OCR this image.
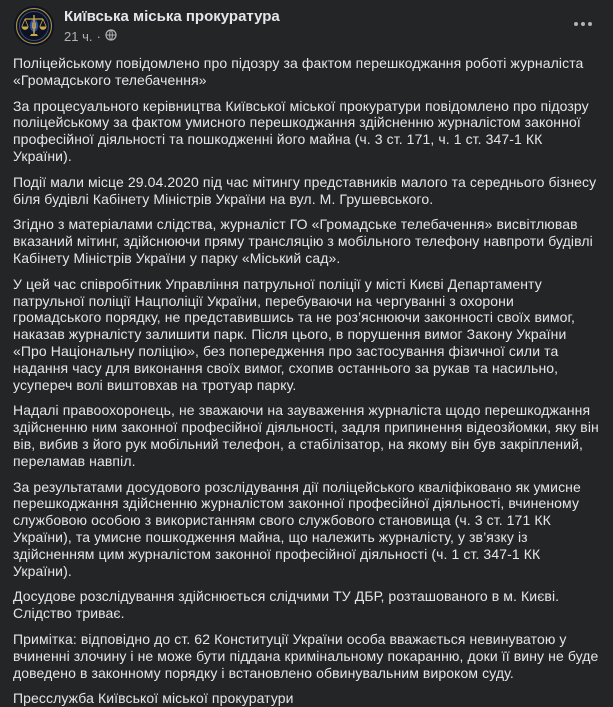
Київська міська прокуратура
21 ч. ·

Поліцейському повідомлено про підозру за фактом перешкоджання роботі журналіста «Громадського телебачення»

За процесуального керівництва Київської міської прокуратури повідомлено про підозру поліцейському за фактом умисного перешкоджання здійсненню журналістом законної професійної діяльності та пошкодженні його майна (ч. 3 ст. 171, ч. 1 ст. 347-1 КК України).

Події мали місце 29.04.2020 під час мітингу представників малого та середнього бізнесу біля будівлі Кабінету Міністрів України на вул. М. Грушевського.

Згідно з матеріалами слідства, журналіст ГО «Громадське телебачення» висвітлював вказаний мітинг, здійснюючи пряму трансляцію з мобільного телефону навпроти будівлі Кабінету Міністрів України у парку «Міський сад».

У цей час співробітник Управління патрульної поліції у місті Києві Департаменту патрульної поліції Нацполіції України, перебуваючи на чергуванні з охорони громадського порядку, не представившись та не роз’яснюючи законності своїх вимог, наказав журналісту залишити парк. Після цього, в порушення вимог Закону України «Про Національну поліцію», без попередження про застосування фізичної сили та надання часу для виконання своїх вимог, схопив останнього за рукав та насильно, усупереч волі виштовхав на тротуар парку.

Надалі правоохоронець, не зважаючи на зауваження журналіста щодо перешкоджання здійсненню ним законної професійної діяльності, задля припинення відеозйомки, яку він вів, вибив з його рук мобільний телефон, а стабілізатор, на якому він був закріплений, переламав навпіл.

За результатами досудового розслідування дії поліцейського кваліфіковано як умисне перешкоджання здійсненню журналістом законної професійної діяльності, вчиненому службовою особою з використанням свого службового становища (ч. 3 ст. 171 КК України), та умисне пошкодження майна, що належить журналісту, у зв’язку із здійсненням цим журналістом законної професійної діяльності (ч. 1 ст. 347-1 КК України).

Досудове розслідування здійснюється слідчими ТУ ДБР, розташованого в м. Києві. Слідство триває.

Примітка: відповідно до ст. 62 Конституції України особа вважається невинуватою у вчиненні злочину і не може бути піддана кримінальному покаранню, доки її вину не буде доведено в законному порядку і встановлено обвинувальним вироком суду.

Пресслужба Київської міської прокуратури
